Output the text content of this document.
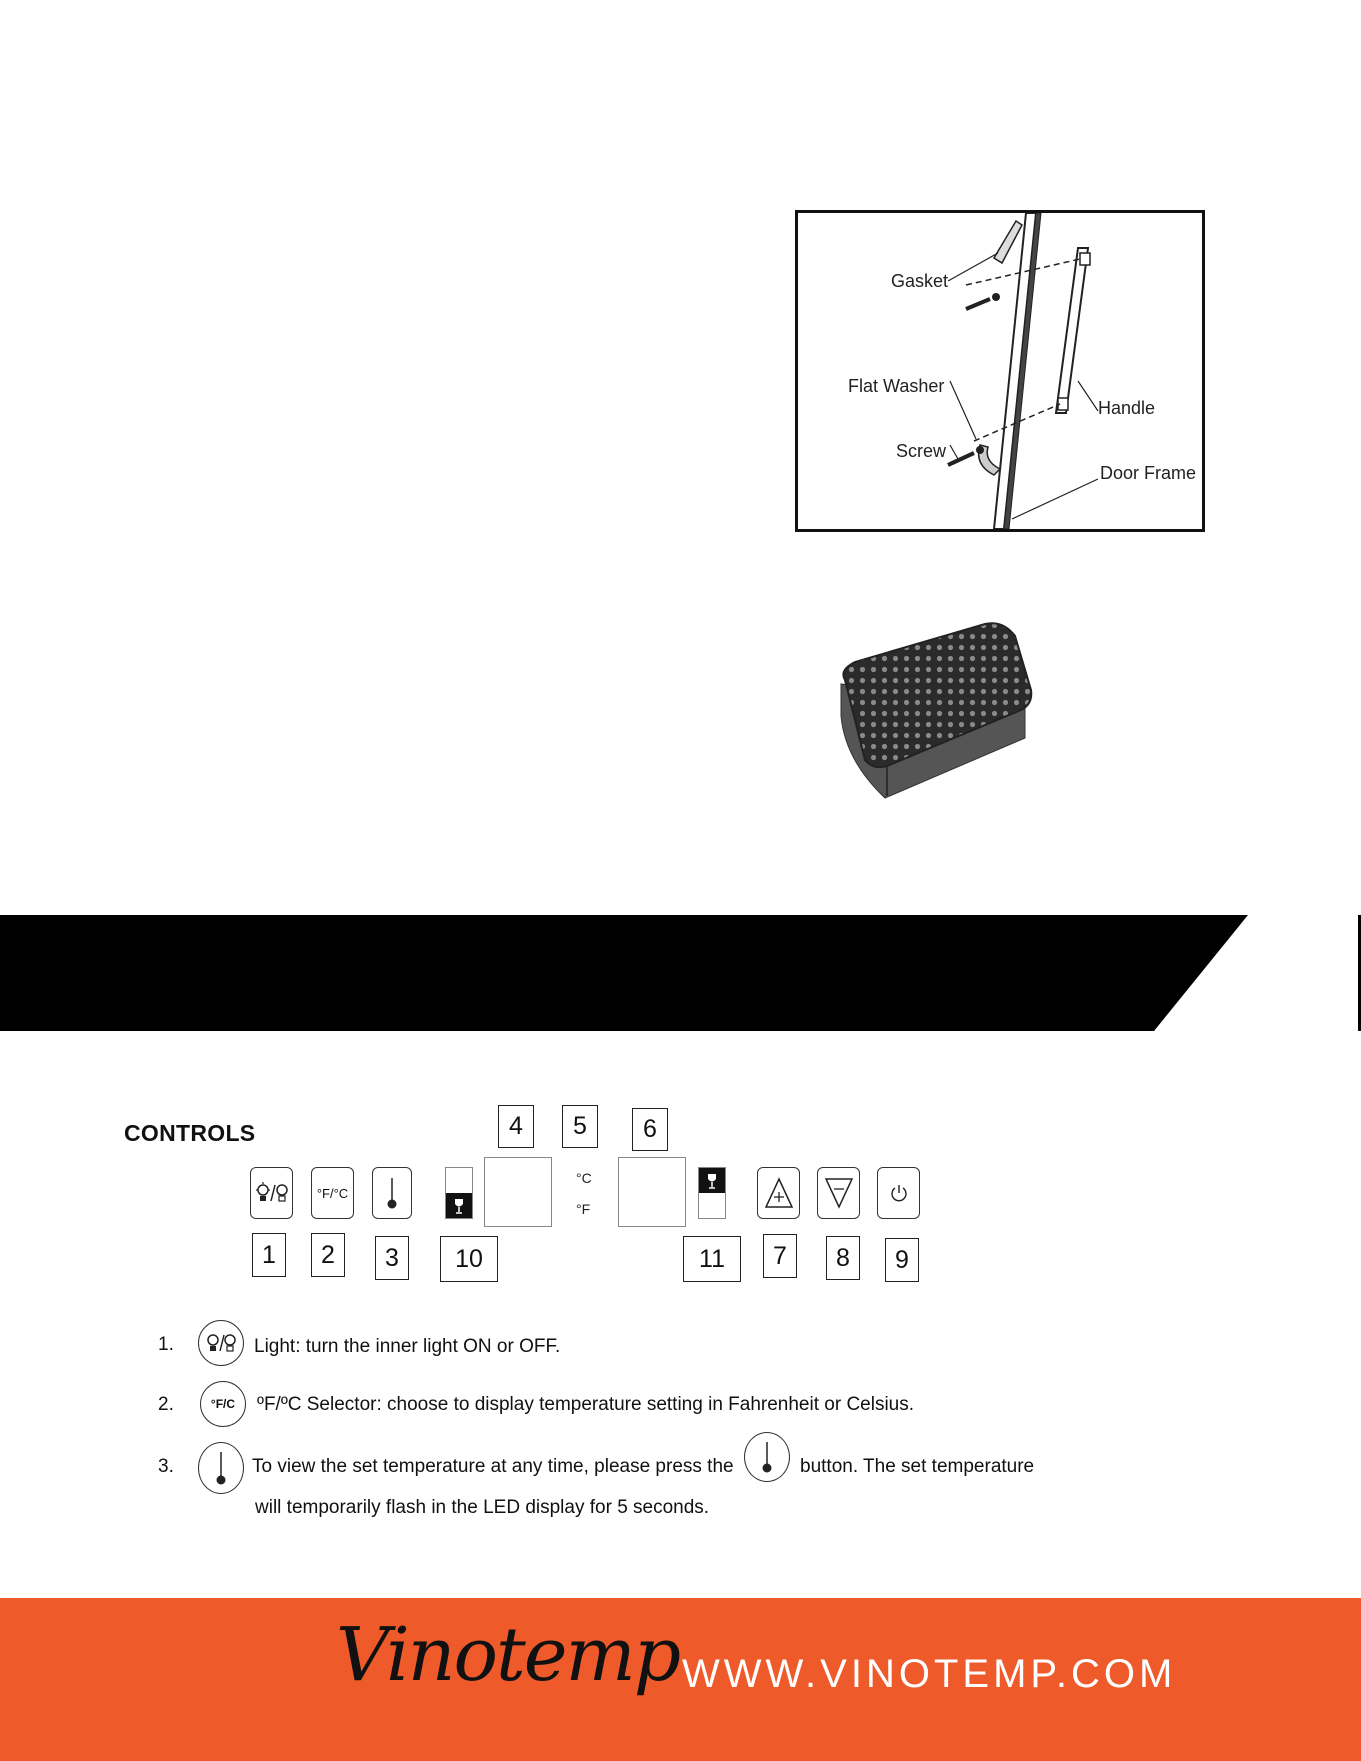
Gasket
Flat Washer
Screw
Handle
Door Frame
CONTROLS	4	5	6
°F/°C
°C
°F
1	2	3	10	11	7	8	9
1.	Light: turn the inner light ON or OFF.
2.	°F/C	ºF/ºC Selector: choose to display temperature setting in Fahrenheit or Celsius.
3.	To view the set temperature at any time, please press the	button. The set temperature
will temporarily flash in the LED display for 5 seconds.
Vinotemp WWW.VINOTEMP.COM
